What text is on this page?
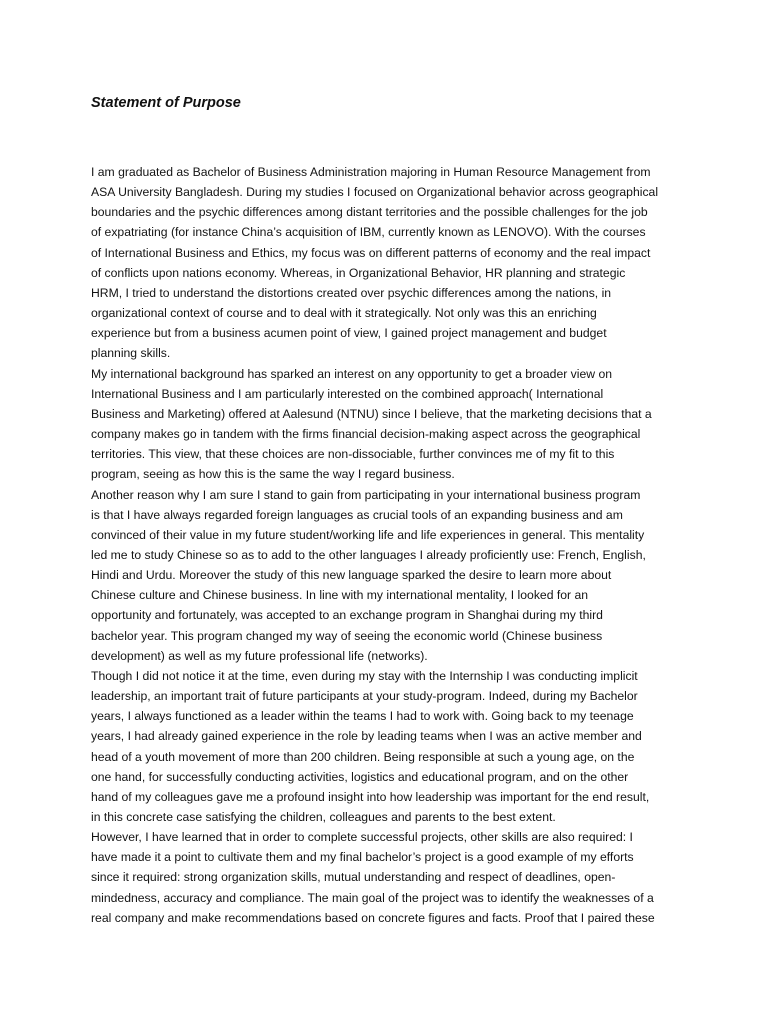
Statement of Purpose
I am graduated as Bachelor of Business Administration majoring in Human Resource Management from
ASA University Bangladesh. During my studies I focused on Organizational behavior across geographical
boundaries and the psychic differences among distant territories and the possible challenges for the job
of expatriating (for instance China’s acquisition of IBM, currently known as LENOVO). With the courses
of International Business and Ethics, my focus was on different patterns of economy and the real impact
of conflicts upon nations economy. Whereas, in Organizational Behavior, HR planning and strategic
HRM, I tried to understand the distortions created over psychic differences among the nations, in
organizational context of course and to deal with it strategically. Not only was this an enriching
experience but from a business acumen point of view, I gained project management and budget
planning skills.
My international background has sparked an interest on any opportunity to get a broader view on
International Business and I am particularly interested on the combined approach( International
Business and Marketing) offered at Aalesund (NTNU) since I believe, that the marketing decisions that a
company makes go in tandem with the firms financial decision-making aspect across the geographical
territories. This view, that these choices are non-dissociable, further convinces me of my fit to this
program, seeing as how this is the same the way I regard business.
Another reason why I am sure I stand to gain from participating in your international business program
is that I have always regarded foreign languages as crucial tools of an expanding business and am
convinced of their value in my future student/working life and life experiences in general. This mentality
led me to study Chinese so as to add to the other languages I already proficiently use: French, English,
Hindi and Urdu. Moreover the study of this new language sparked the desire to learn more about
Chinese culture and Chinese business. In line with my international mentality, I looked for an
opportunity and fortunately, was accepted to an exchange program in Shanghai during my third
bachelor year. This program changed my way of seeing the economic world (Chinese business
development) as well as my future professional life (networks).
Though I did not notice it at the time, even during my stay with the Internship I was conducting implicit
leadership, an important trait of future participants at your study-program. Indeed, during my Bachelor
years, I always functioned as a leader within the teams I had to work with. Going back to my teenage
years, I had already gained experience in the role by leading teams when I was an active member and
head of a youth movement of more than 200 children. Being responsible at such a young age, on the
one hand, for successfully conducting activities, logistics and educational program, and on the other
hand of my colleagues gave me a profound insight into how leadership was important for the end result,
in this concrete case satisfying the children, colleagues and parents to the best extent.
However, I have learned that in order to complete successful projects, other skills are also required: I
have made it a point to cultivate them and my final bachelor’s project is a good example of my efforts
since it required: strong organization skills, mutual understanding and respect of deadlines, open-
mindedness, accuracy and compliance. The main goal of the project was to identify the weaknesses of a
real company and make recommendations based on concrete figures and facts. Proof that I paired these
